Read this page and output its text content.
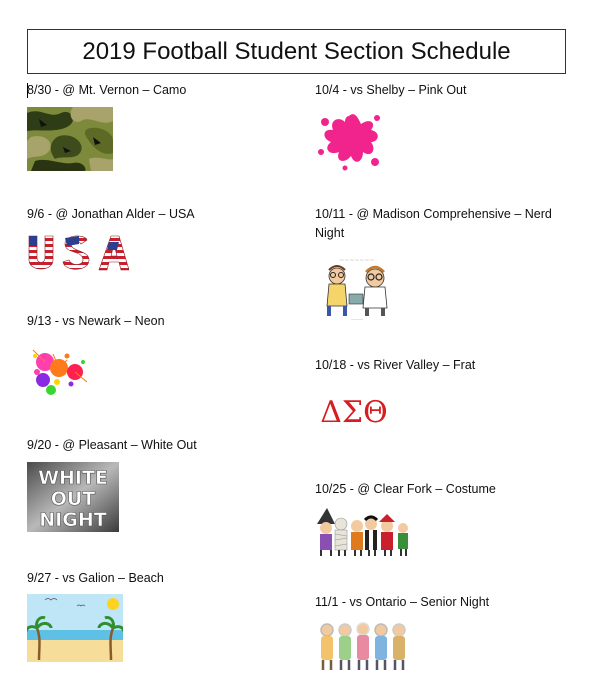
2019 Football Student Section Schedule
8/30 - @ Mt. Vernon – Camo
9/6 - @ Jonathan Alder – USA
9/13 - vs Newark – Neon
9/20 - @ Pleasant – White Out
WHITE
OUT
NIGHT
9/27 - vs Galion – Beach
10/4 - vs Shelby – Pink Out
10/11 - @ Madison Comprehensive – Nerd Night
~~~~~~~
———
10/18 - vs River Valley – Frat
ΔΣΘ
10/25 - @ Clear Fork – Costume
11/1 - vs Ontario – Senior Night
